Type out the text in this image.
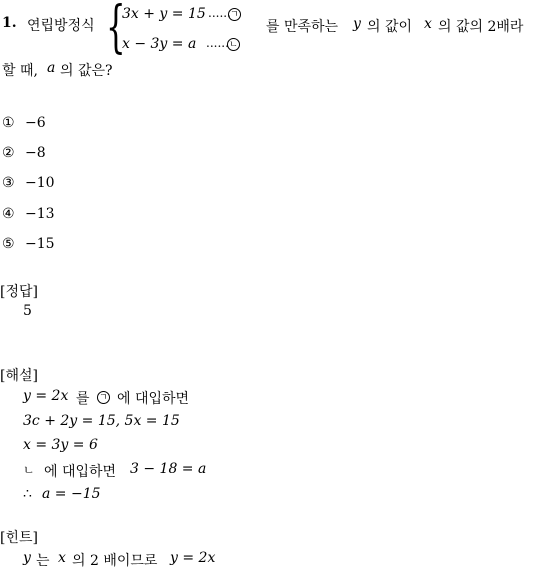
1. 연립방정식 {
3x + y = 15 ...... ㄱ
x − 3y = a ...... ㄴ
를 만족하는 y 의 값이 x 의 값의 2배라
할 때, a 의 값은?
① −6
② −8
③ −10
④ −13
⑤ −15
[정답]
5
[해설]
y = 2x 를 ㄱ 에 대입하면
3c + 2y = 15, 5x = 15
x = 3y = 6
ㄴ 에 대입하면 3 − 18 = a
∴ a = −15
[힌트]
y 는 x 의 2 배이므로 y = 2x
